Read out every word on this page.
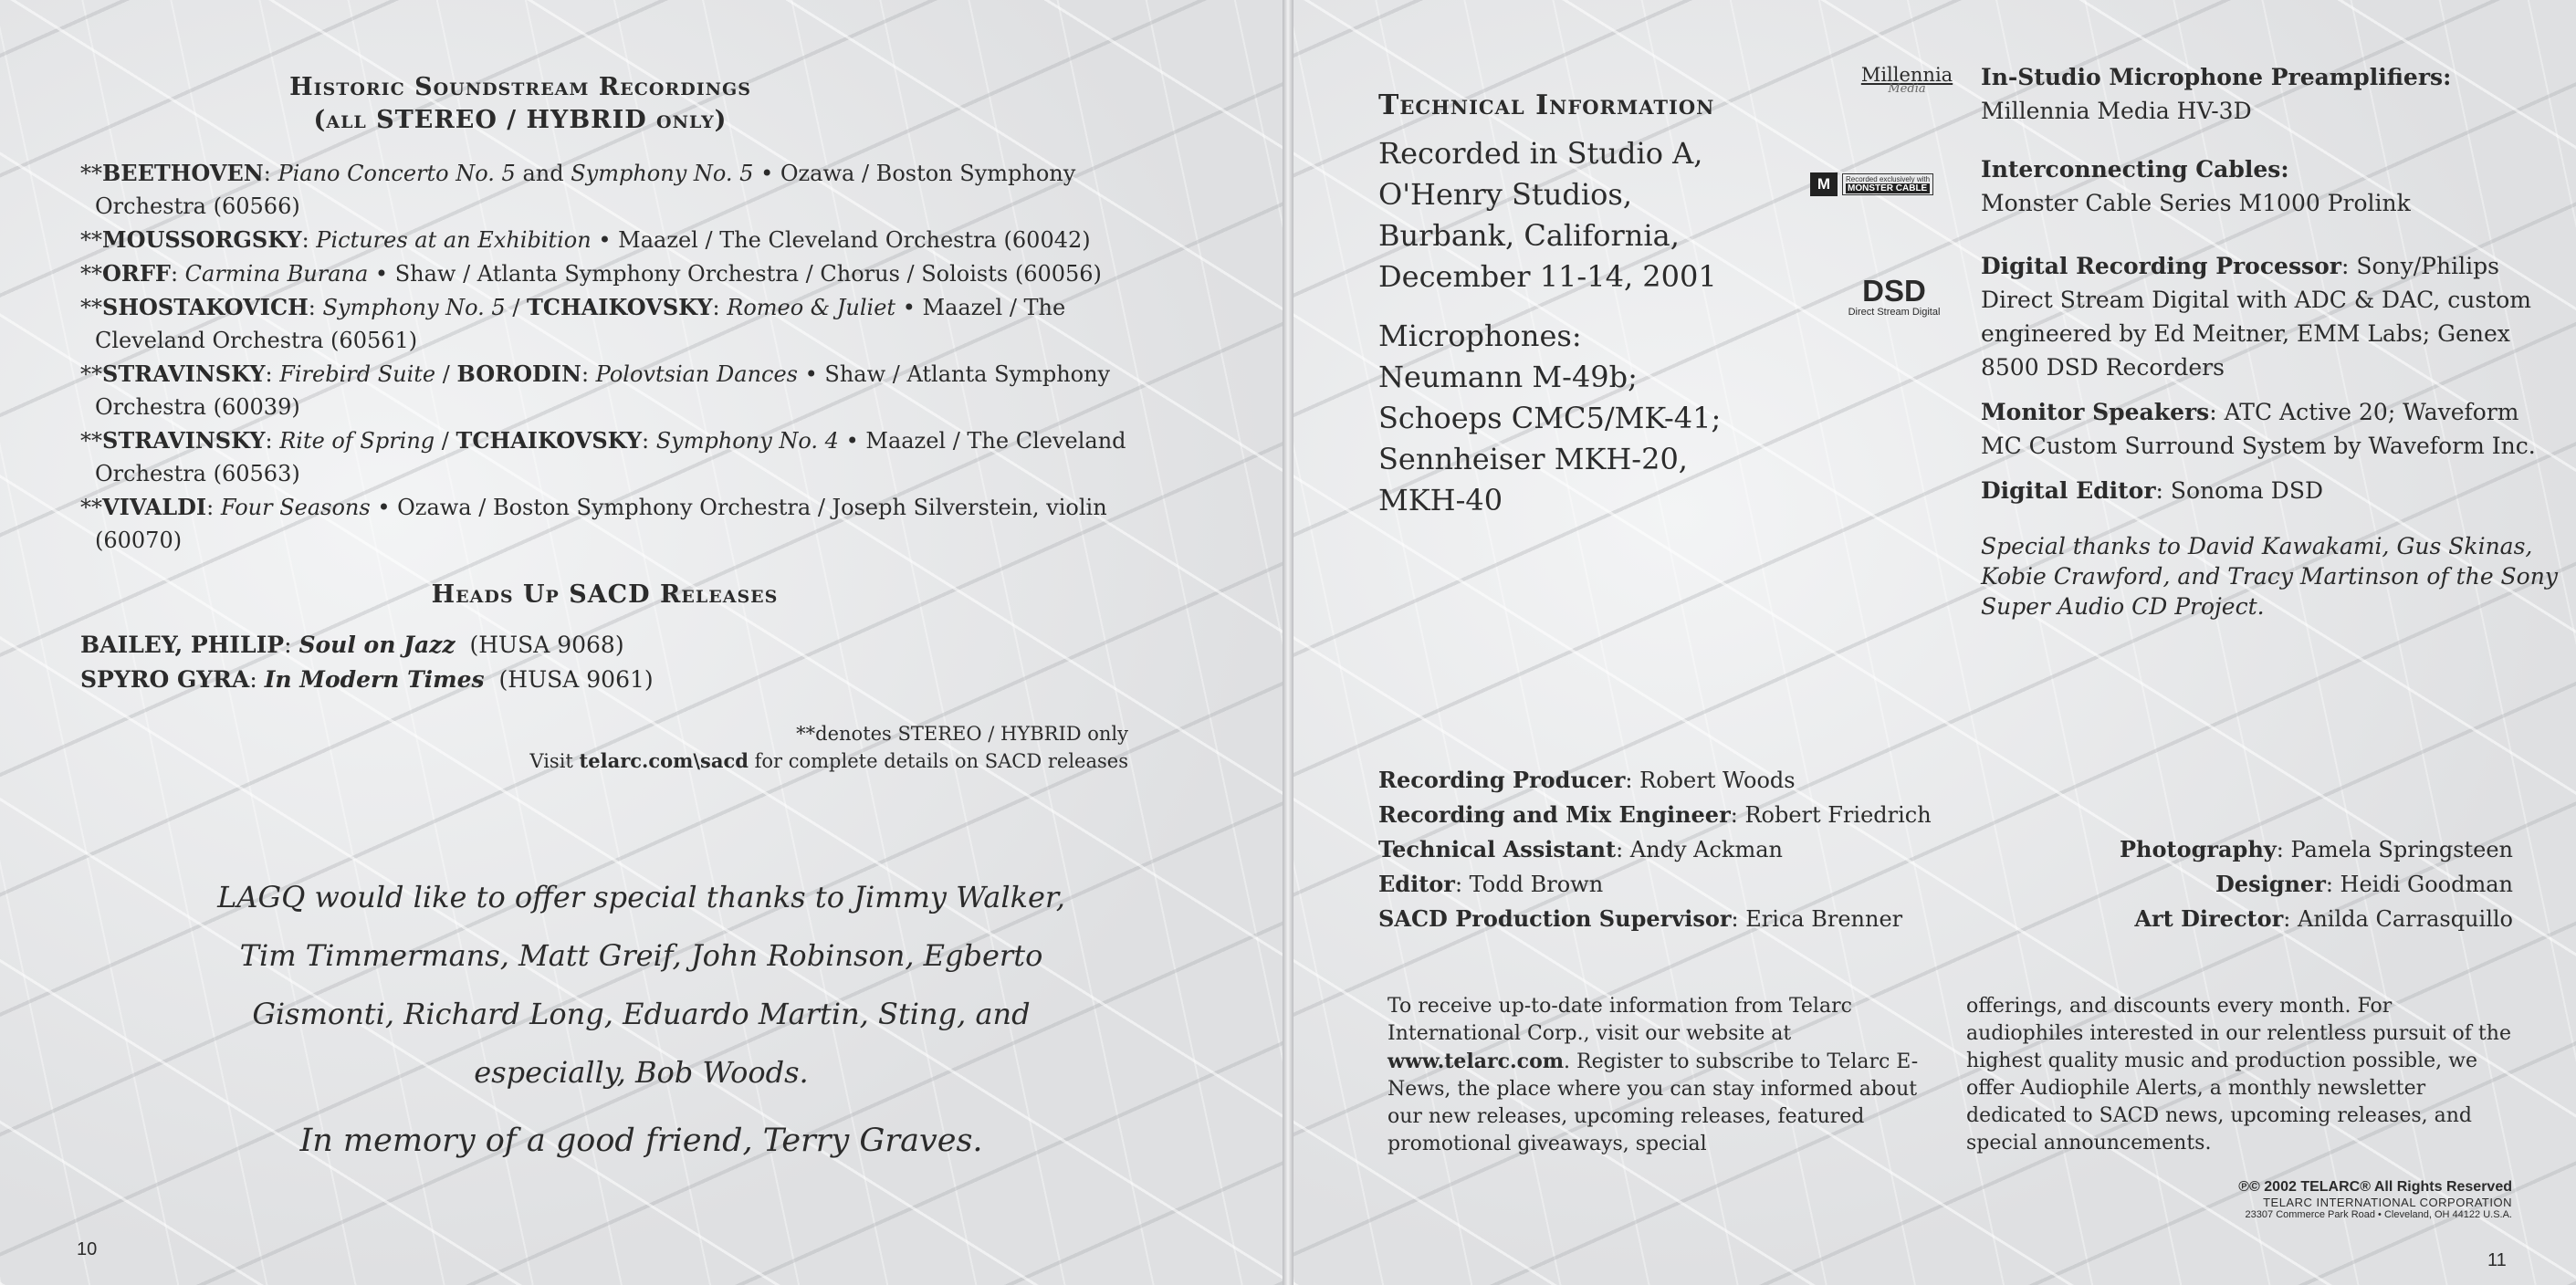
Historic Soundstream Recordings
(all STEREO / HYBRID only)

**BEETHOVEN: Piano Concerto No. 5 and Symphony No. 5 • Ozawa / Boston Symphony Orchestra (60566)

**MOUSSORGSKY: Pictures at an Exhibition • Maazel / The Cleveland Orchestra (60042)

**ORFF: Carmina Burana • Shaw / Atlanta Symphony Orchestra / Chorus / Soloists (60056)

**SHOSTAKOVICH: Symphony No. 5 / TCHAIKOVSKY: Romeo & Juliet • Maazel / The Cleveland Orchestra (60561)

**STRAVINSKY: Firebird Suite / BORODIN: Polovtsian Dances • Shaw / Atlanta Symphony Orchestra (60039)

**STRAVINSKY: Rite of Spring / TCHAIKOVSKY: Symphony No. 4 • Maazel / The Cleveland Orchestra (60563)

**VIVALDI: Four Seasons • Ozawa / Boston Symphony Orchestra / Joseph Silverstein, violin (60070)

Heads Up SACD Releases
BAILEY, PHILIP: Soul on Jazz (HUSA 9068)
SPYRO GYRA: In Modern Times (HUSA 9061)
**denotes STEREO / HYBRID only
Visit telarc.com\sacd for complete details on SACD releases
LAGQ would like to offer special thanks to Jimmy Walker,
Tim Timmermans, Matt Greif, John Robinson, Egberto
Gismonti, Richard Long, Eduardo Martin, Sting, and
especially, Bob Woods.
In memory of a good friend, Terry Graves.
10
Technical Information
Recorded in Studio A,
O'Henry Studios,
Burbank, California,
December 11-14, 2001
Microphones:
Neumann M-49b;
Schoeps CMC5/MK-41;
Sennheiser MKH-20,
MKH-40
Millennia
Media
M	Recorded exclusively with
MONSTER CABLE
DSD
Direct Stream Digital

In-Studio Microphone Preamplifiers:
Millennia Media HV-3D

Interconnecting Cables:
Monster Cable Series M1000 Prolink

Digital Recording Processor: Sony/Philips Direct Stream Digital with ADC & DAC, custom engineered by Ed Meitner, EMM Labs; Genex 8500 DSD Recorders

Monitor Speakers: ATC Active 20; Waveform MC Custom Surround System by Waveform Inc.

Digital Editor: Sonoma DSD

Special thanks to David Kawakami, Gus Skinas, Kobie Crawford, and Tracy Martinson of the Sony Super Audio CD Project.

Recording Producer: Robert Woods
Recording and Mix Engineer: Robert Friedrich
Technical Assistant: Andy Ackman
Editor: Todd Brown
SACD Production Supervisor: Erica Brenner
Photography: Pamela Springsteen
Designer: Heidi Goodman
Art Director: Anilda Carrasquillo
To receive up-to-date information from Telarc International Corp., visit our website at www.telarc.com. Register to subscribe to Telarc E-News, the place where you can stay informed about our new releases, upcoming releases, featured promotional giveaways, special
offerings, and discounts every month. For audiophiles interested in our relentless pursuit of the highest quality music and production possible, we offer Audiophile Alerts, a monthly newsletter dedicated to SACD news, upcoming releases, and special announcements.
℗© 2002 TELARC® All Rights Reserved
TELARC INTERNATIONAL CORPORATION
23307 Commerce Park Road • Cleveland, OH 44122 U.S.A.
11
